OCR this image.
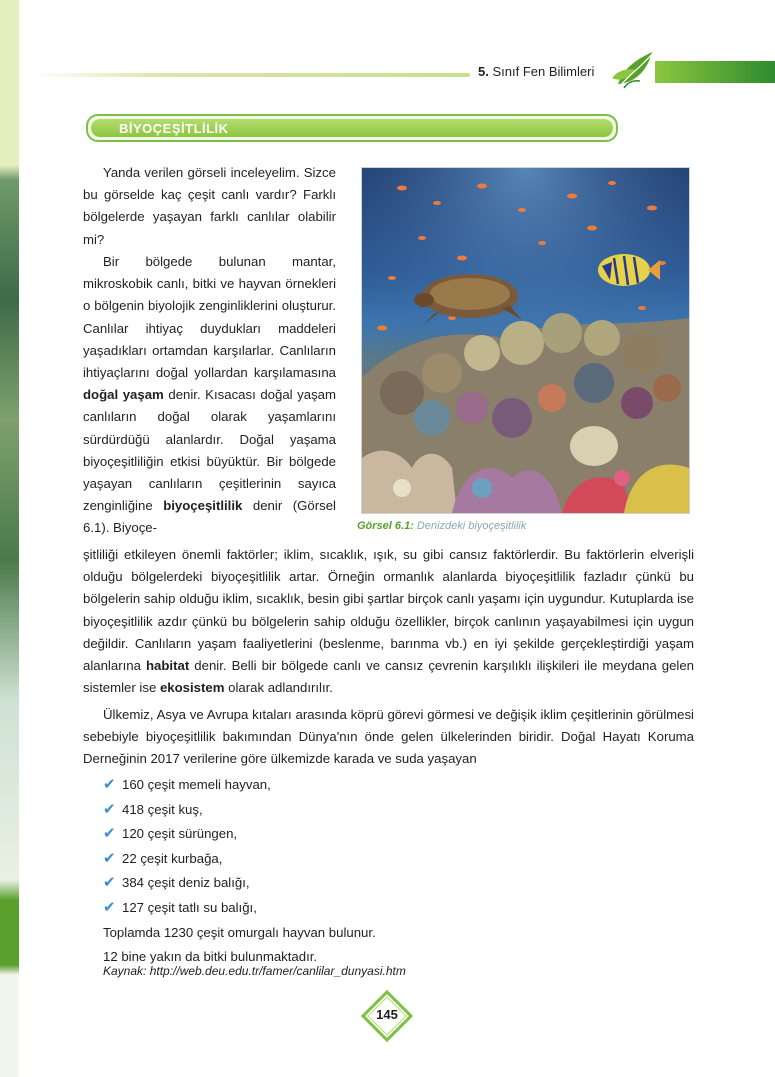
5. Sınıf Fen Bilimleri
BİYOÇEŞİTLİLİK
Görsel 6.1: Denizdeki biyoçeşitlilik
Yanda verilen görseli inceleyelim. Sizce bu görselde kaç çeşit canlı vardır? Farklı bölgelerde yaşayan farklı canlılar olabilir mi?
Bir bölgede bulunan mantar, mikroskobik canlı, bitki ve hayvan örnekleri o bölgenin biyolojik zenginliklerini oluşturur. Canlılar ihtiyaç duydukları maddeleri yaşadıkları ortamdan karşılarlar. Canlıların ihtiyaçlarını doğal yollardan karşılamasına doğal yaşam denir. Kısacası doğal yaşam canlıların doğal olarak yaşamlarını sürdürdüğü alanlardır. Doğal yaşama biyoçeşitliliğin etkisi büyüktür. Bir bölgede yaşayan canlıların çeşitlerinin sayıca zenginliğine biyoçeşitlilik denir (Görsel 6.1). Biyoçe-
şitliliği etkileyen önemli faktörler; iklim, sıcaklık, ışık, su gibi cansız faktörlerdir. Bu faktörlerin elverişli olduğu bölgelerdeki biyoçeşitlilik artar. Örneğin ormanlık alanlarda biyoçeşitlilik fazladır çünkü bu bölgelerin sahip olduğu iklim, sıcaklık, besin gibi şartlar birçok canlı yaşamı için uygundur. Kutuplarda ise biyoçeşitlilik azdır çünkü bu bölgelerin sahip olduğu özellikler, birçok canlının yaşayabilmesi için uygun değildir. Canlıların yaşam faaliyetlerini (beslenme, barınma vb.) en iyi şekilde gerçekleştirdiği yaşam alanlarına habitat denir. Belli bir bölgede canlı ve cansız çevrenin karşılıklı ilişkileri ile meydana gelen sistemler ise ekosistem olarak adlandırılır.
Ülkemiz, Asya ve Avrupa kıtaları arasında köprü görevi görmesi ve değişik iklim çeşitlerinin görülmesi sebebiyle biyoçeşitlilik bakımından Dünya'nın önde gelen ülkelerinden biridir. Doğal Hayatı Koruma Derneğinin 2017 verilerine göre ülkemizde karada ve suda yaşayan
✔ 160 çeşit memeli hayvan,
✔ 418 çeşit kuş,
✔ 120 çeşit sürüngen,
✔ 22 çeşit kurbağa,
✔ 384 çeşit deniz balığı,
✔ 127 çeşit tatlı su balığı,
Toplamda 1230 çeşit omurgalı hayvan bulunur.
12 bine yakın da bitki bulunmaktadır.
Kaynak: http://web.deu.edu.tr/famer/canlilar_dunyasi.htm
145
